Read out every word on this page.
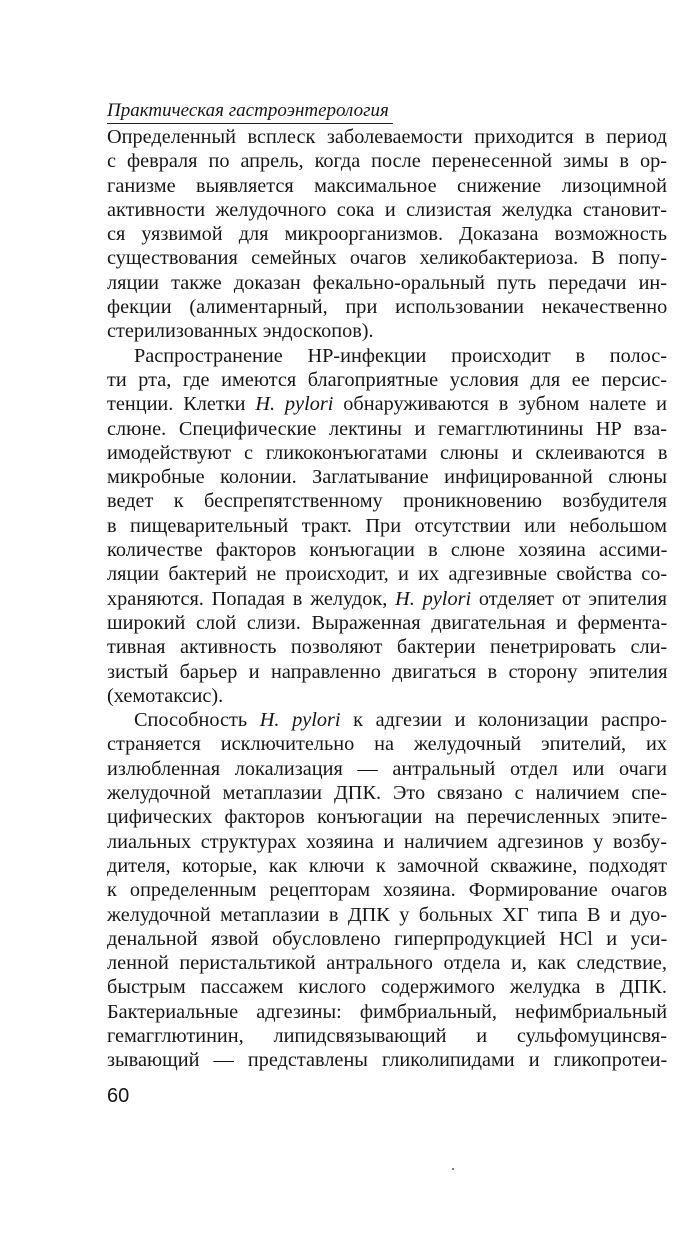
Практическая гастроэнтерология

Определенный всплеск заболеваемости приходится в период
с февраля по апрель, когда после перенесенной зимы в ор-
ганизме выявляется максимальное снижение лизоцимной
активности желудочного сока и слизистая желудка становит-
ся уязвимой для микроорганизмов. Доказана возможность
существования семейных очагов хеликобактериоза. В попу-
ляции также доказан фекально-оральный путь передачи ин-
фекции (алиментарный, при использовании некачественно
стерилизованных эндоскопов).

Распространение HP-инфекции происходит в полос-
ти рта, где имеются благоприятные условия для ее персис-
тенции. Клетки H. pylori обнаруживаются в зубном налете и
слюне. Специфические лектины и гемагглютинины HP вза-
имодействуют с гликоконъюгатами слюны и склеиваются в
микробные колонии. Заглатывание инфицированной слюны
ведет к беспрепятственному проникновению возбудителя
в пищеварительный тракт. При отсутствии или небольшом
количестве факторов конъюгации в слюне хозяина ассими-
ляции бактерий не происходит, и их адгезивные свойства со-
храняются. Попадая в желудок, H. pylori отделяет от эпителия
широкий слой слизи. Выраженная двигательная и фермента-
тивная активность позволяют бактерии пенетрировать сли-
зистый барьер и направленно двигаться в сторону эпителия
(хемотаксис).

Способность H. pylori к адгезии и колонизации распро-
страняется исключительно на желудочный эпителий, их
излюбленная локализация — антральный отдел или очаги
желудочной метаплазии ДПК. Это связано с наличием спе-
цифических факторов конъюгации на перечисленных эпите-
лиальных структурах хозяина и наличием адгезинов у возбу-
дителя, которые, как ключи к замочной скважине, подходят
к определенным рецепторам хозяина. Формирование очагов
желудочной метаплазии в ДПК у больных ХГ типа В и дуо-
денальной язвой обусловлено гиперпродукцией HCl и уси-
ленной перистальтикой антрального отдела и, как следствие,
быстрым пассажем кислого содержимого желудка в ДПК.
Бактериальные адгезины: фимбриальный, нефимбриальный
гемагглютинин, липидсвязывающий и сульфомуцинсвя-
зывающий — представлены гликолипидами и гликопротеи-

60
